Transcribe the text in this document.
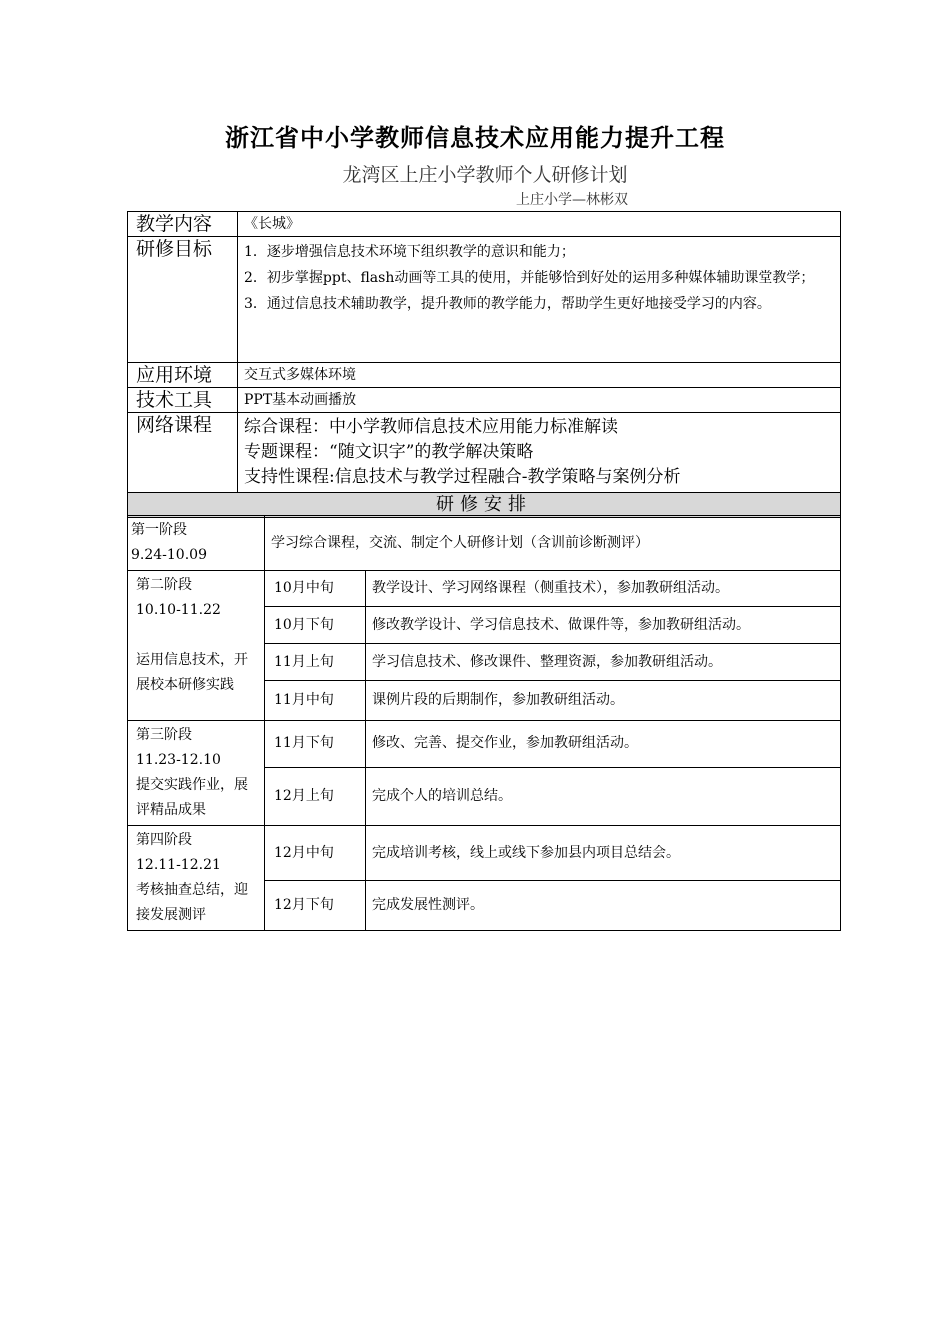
浙江省中小学教师信息技术应用能力提升工程
龙湾区上庄小学教师个人研修计划
上庄小学—林彬双
教学内容	《长城》
研修目标	1．逐步增强信息技术环境下组织教学的意识和能力；
2．初步掌握ppt、flash动画等工具的使用，并能够恰到好处的运用多种媒体辅助课堂教学；
3．通过信息技术辅助教学，提升教师的教学能力，帮助学生更好地接受学习的内容。

应用环境	交互式多媒体环境
技术工具	PPT基本动画播放
网络课程	综合课程：中小学教师信息技术应用能力标准解读
专题课程：“随文识字”的教学解决策略
支持性课程:信息技术与教学过程融合-教学策略与案例分析

研修安排	
第一阶段
9.24-10.09	学习综合课程，交流、制定个人研修计划（含训前诊断测评）	

第二阶段
10.10-11.22
运用信息技术，开展校本研修实践	10月中旬	教学设计、学习网络课程（侧重技术），参加教研组活动。
	10月下旬	修改教学设计、学习信息技术、做课件等，参加教研组活动。
	11月上旬	学习信息技术、修改课件、整理资源，参加教研组活动。
	11月中旬	课例片段的后期制作，参加教研组活动。

第三阶段
11.23-12.10
提交实践作业，展评精品成果	11月下旬	修改、完善、提交作业，参加教研组活动。
	12月上旬	完成个人的培训总结。

第四阶段
12.11-12.21
考核抽查总结，迎接发展测评	12月中旬	完成培训考核，线上或线下参加县内项目总结会。
	12月下旬	完成发展性测评。
